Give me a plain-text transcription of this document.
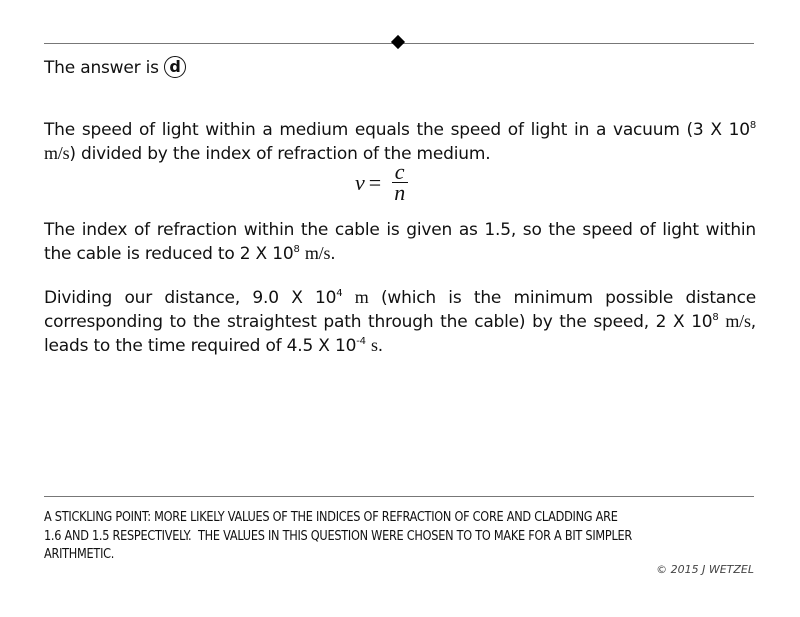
The answer is d
The speed of light within a medium equals the speed of light in a vacuum (3 X $10^8$ m/s) divided by the index of refraction of the medium.
$v = \frac{c}{n}$
The index of refraction within the cable is given as 1.5, so the speed of light within the cable is reduced to 2 X $10^8$ m/s.
Dividing our distance, 9.0 X $10^4$ m (which is the minimum possible distance corresponding to the straightest path through the cable) by the speed, 2 X $10^8$ m/s, leads to the time required of 4.5 X $10^{-4}$ s.
A STICKLING POINT: MORE LIKELY VALUES OF THE INDICES OF REFRACTION OF CORE AND CLADDING ARE
1.6 AND 1.5 RESPECTIVELY.  THE VALUES IN THIS QUESTION WERE CHOSEN TO TO MAKE FOR A BIT SIMPLER
ARITHMETIC.
© 2015 J WETZEL
